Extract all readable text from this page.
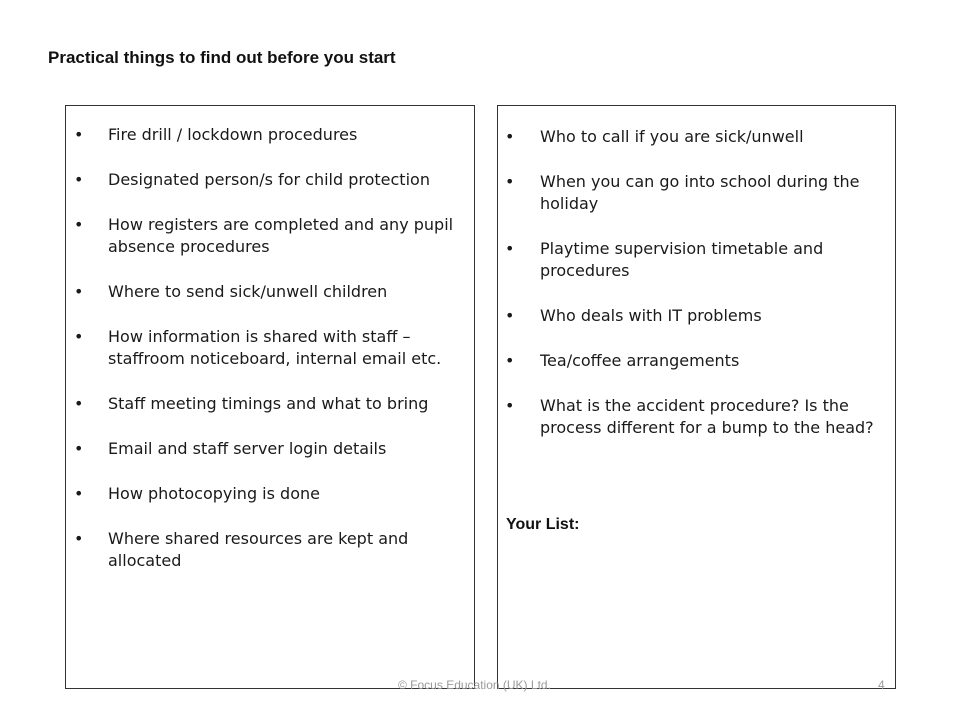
Practical things to find out before you start
• Fire drill / lockdown procedures
• Designated person/s for child protection
• How registers are completed and any pupil absence procedures
• Where to send sick/unwell children
• How information is shared with staff – staffroom noticeboard, internal email etc.
• Staff meeting timings and what to bring
• Email and staff server login details
• How photocopying is done
• Where shared resources are kept and allocated
• Who to call if you are sick/unwell
• When you can go into school during the holiday
• Playtime supervision timetable and procedures
• Who deals with IT problems
• Tea/coffee arrangements
• What is the accident procedure? Is the process different for a bump to the head?
Your List:
© Focus Education (UK) Ltd.	4
